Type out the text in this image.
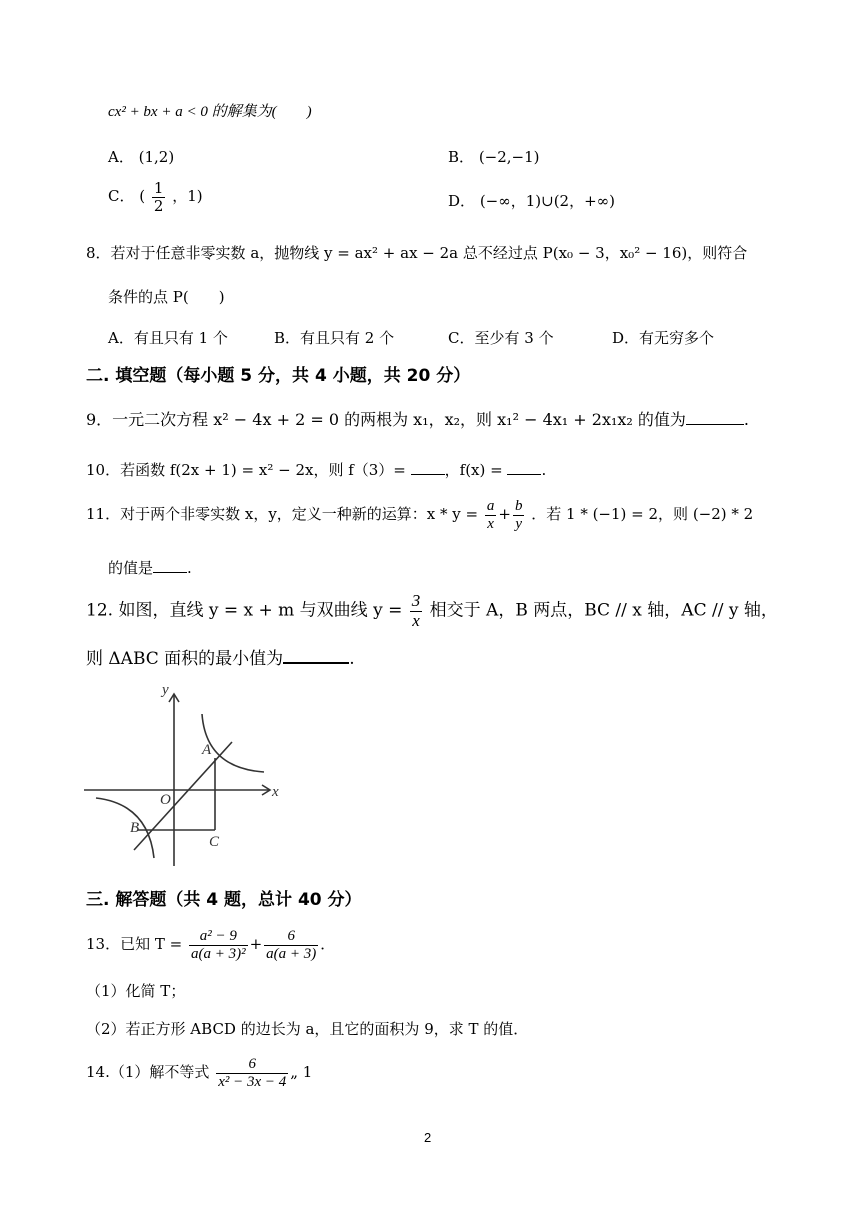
cx² + bx + a < 0 的解集为(　　)
A． (1,2)	B． (−2,−1)
C． ( $\frac{1}{2}$ ，1)	D． (−∞，1)∪(2，+∞)
8．若对于任意非零实数 a，抛物线 y = ax² + ax − 2a 总不经过点 P(x₀ − 3，x₀² − 16)，则符合
条件的点 P(　　)
A．有且只有 1 个	B．有且只有 2 个	C．至少有 3 个	D．有无穷多个
二. 填空题（每小题 5 分，共 4 小题，共 20 分）
9．一元二次方程 x² − 4x + 2 = 0 的两根为 x₁，x₂，则 x₁² − 4x₁ + 2x₁x₂ 的值为	.
10．若函数 f(2x + 1) = x² − 2x，则 f（3）= ，f(x) = .
11．对于两个非零实数 x，y，定义一种新的运算：$x * y = \frac{a}{x} + \frac{b}{y}$ ．若 1 * (−1) = 2，则 (−2) * 2
的值是 .
12. 如图，直线 y = x + m 与双曲线 $y = \frac{3}{x}$ 相交于 A，B 两点，BC // x 轴，AC // y 轴，
则 ΔABC 面积的最小值为	.
y
x
O
A
B
C
三. 解答题（共 4 题，总计 40 分）
13．已知 $T = \frac{\text{a² − 9}}{\text{a(a + 3)²}} + \frac{6}{a(a + 3)}$ ．
（1）化简 T；
（2）若正方形 ABCD 的边长为 a，且它的面积为 9，求 T 的值．
14.（1）解不等式 $\frac{6}{\text{x² − 3x − 4}}$ „ 1
2
